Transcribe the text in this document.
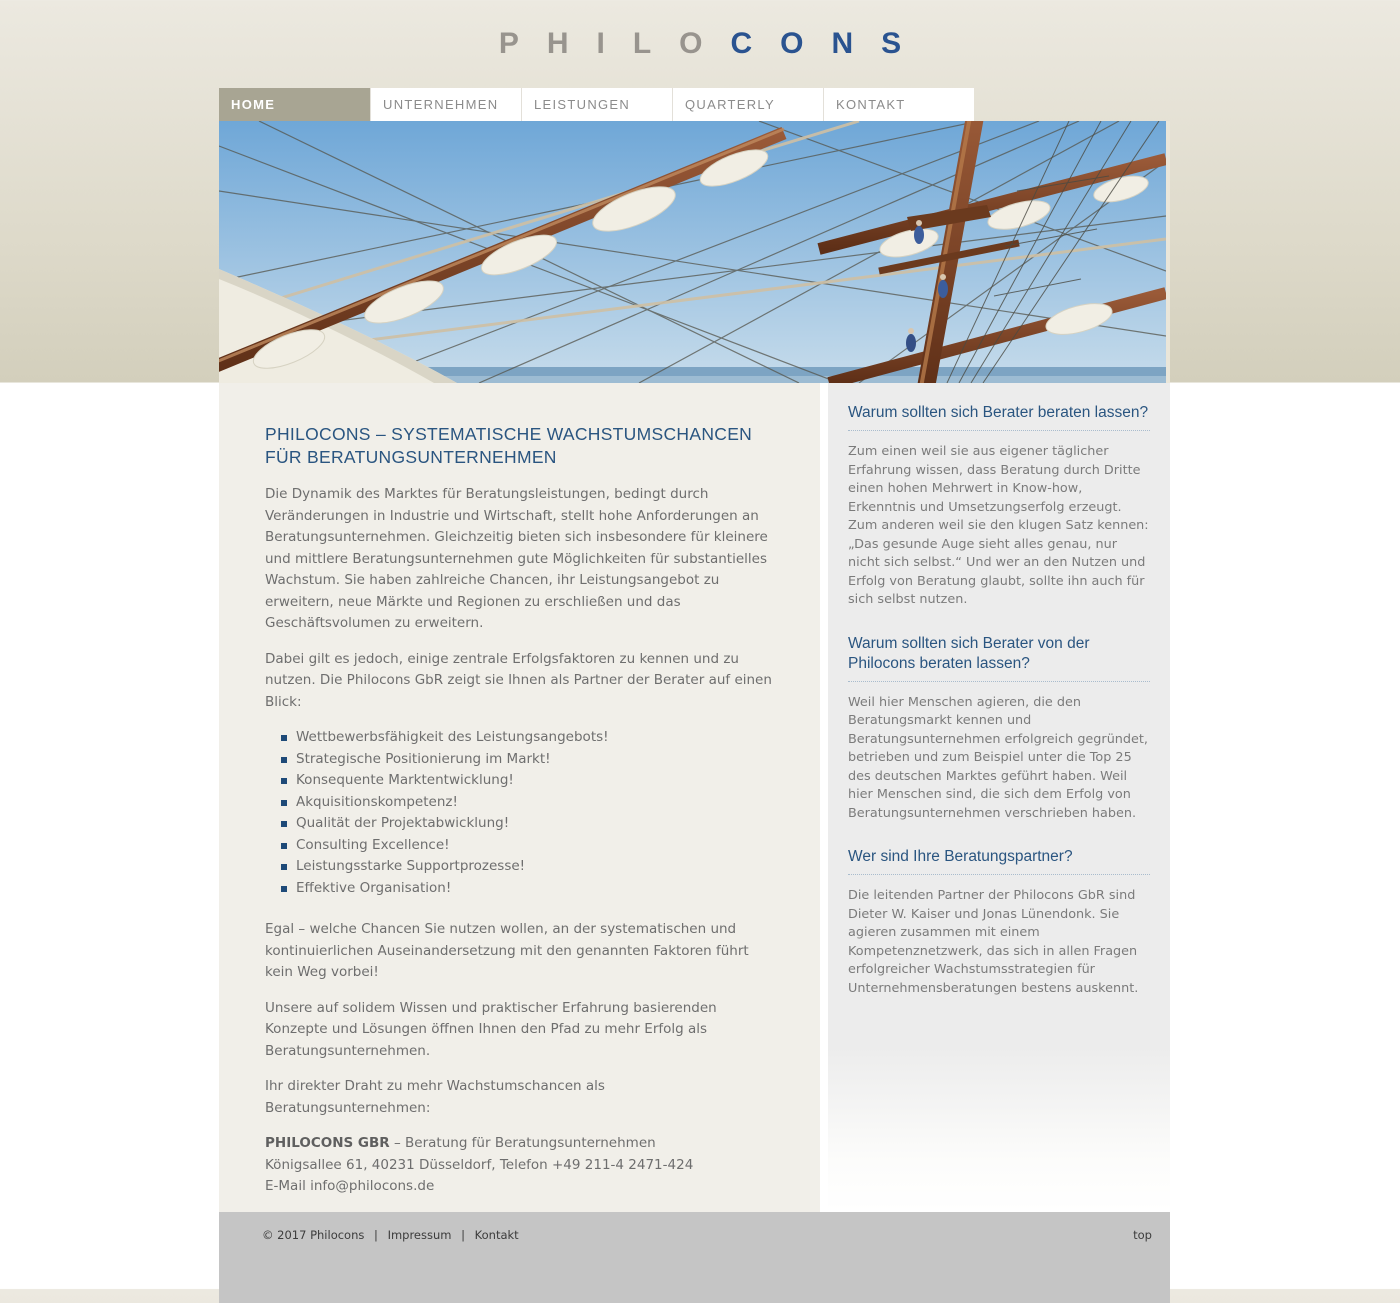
PHILOCONS
HOME	UNTERNEHMEN	LEISTUNGEN	QUARTERLY	KONTAKT
PHILOCONS – SYSTEMATISCHE WACHSTUMSCHANCEN FÜR BERATUNGSUNTERNEHMEN

Die Dynamik des Marktes für Beratungsleistungen, bedingt durch Veränderungen in Industrie und Wirtschaft, stellt hohe Anforderungen an Beratungsunternehmen. Gleichzeitig bieten sich insbesondere für kleinere und mittlere Beratungsunternehmen gute Möglichkeiten für substantielles Wachstum. Sie haben zahlreiche Chancen, ihr Leistungsangebot zu erweitern, neue Märkte und Regionen zu erschließen und das Geschäftsvolumen zu erweitern.

Dabei gilt es jedoch, einige zentrale Erfolgsfaktoren zu kennen und zu nutzen. Die Philocons GbR zeigt sie Ihnen als Partner der Berater auf einen Blick:

Wettbewerbsfähigkeit des Leistungsangebots!
Strategische Positionierung im Markt!
Konsequente Marktentwicklung!
Akquisitionskompetenz!
Qualität der Projektabwicklung!
Consulting Excellence!
Leistungsstarke Supportprozesse!
Effektive Organisation!

Egal – welche Chancen Sie nutzen wollen, an der systematischen und kontinuierlichen Auseinandersetzung mit den genannten Faktoren führt kein Weg vorbei!

Unsere auf solidem Wissen und praktischer Erfahrung basierenden Konzepte und Lösungen öffnen Ihnen den Pfad zu mehr Erfolg als Beratungsunternehmen.

Ihr direkter Draht zu mehr Wachstumschancen als Beratungsunternehmen:

PHILOCONS GBR – Beratung für Beratungsunternehmen
Königsallee 61, 40231 Düsseldorf, Telefon +49 211-4 2471-424
E-Mail info@philocons.de

Warum sollten sich Berater beraten lassen?

Zum einen weil sie aus eigener täglicher Erfahrung wissen, dass Beratung durch Dritte einen hohen Mehrwert in Know-how, Erkenntnis und Umsetzungserfolg erzeugt. Zum anderen weil sie den klugen Satz kennen: „Das gesunde Auge sieht alles genau, nur nicht sich selbst.“ Und wer an den Nutzen und Erfolg von Beratung glaubt, sollte ihn auch für sich selbst nutzen.

Warum sollten sich Berater von der Philocons beraten lassen?

Weil hier Menschen agieren, die den Beratungsmarkt kennen und Beratungsunternehmen erfolgreich gegründet, betrieben und zum Beispiel unter die Top 25 des deutschen Marktes geführt haben. Weil hier Menschen sind, die sich dem Erfolg von Beratungsunternehmen verschrieben haben.

Wer sind Ihre Beratungspartner?

Die leitenden Partner der Philocons GbR sind Dieter W. Kaiser und Jonas Lünendonk. Sie agieren zusammen mit einem Kompetenznetzwerk, das sich in allen Fragen erfolgreicher Wachstumsstrategien für Unternehmensberatungen bestens auskennt.

© 2017 Philocons | Impressum | Kontakt	top
